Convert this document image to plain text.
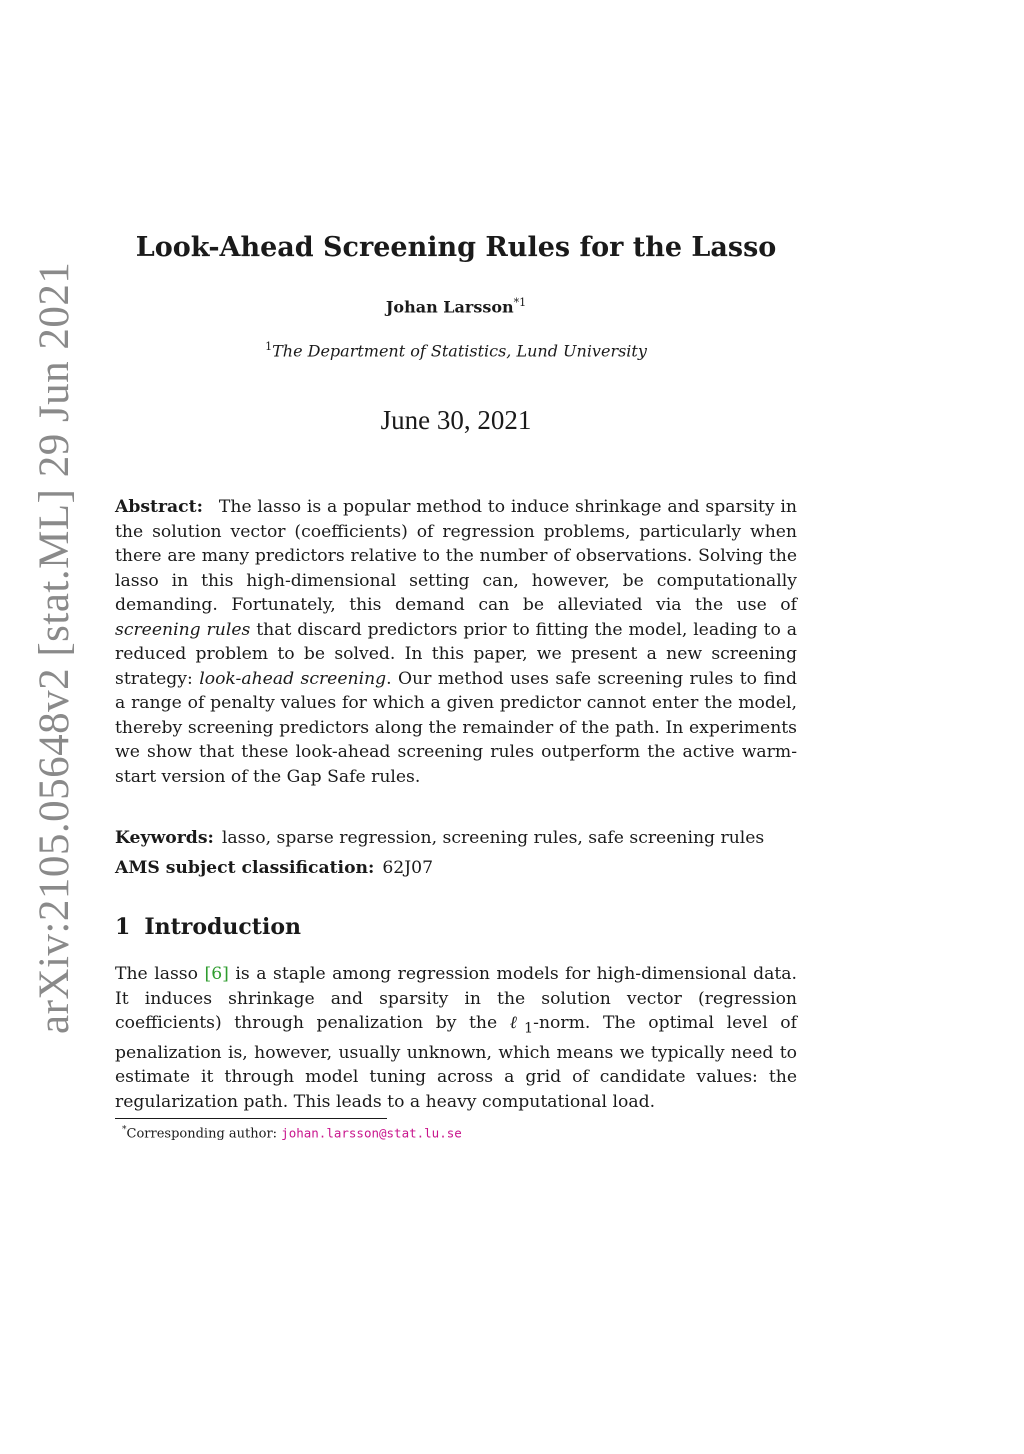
arXiv:2105.05648v2 [stat.ML] 29 Jun 2021
Look-Ahead Screening Rules for the Lasso
Johan Larsson$^{*1}$
$^1$The Department of Statistics, Lund University
June 30, 2021
Abstract: The lasso is a popular method to induce shrinkage and sparsity in the solution vector (coefficients) of regression problems, particularly when there are many predictors relative to the number of observations. Solving the lasso in this high-dimensional setting can, however, be computationally demanding. Fortunately, this demand can be alleviated via the use of screening rules that discard predictors prior to fitting the model, leading to a reduced problem to be solved. In this paper, we present a new screening strategy: look-ahead screening. Our method uses safe screening rules to find a range of penalty values for which a given predictor cannot enter the model, thereby screening predictors along the remainder of the path. In experiments we show that these look-ahead screening rules outperform the active warm-start version of the Gap Safe rules.
Keywords: lasso, sparse regression, screening rules, safe screening rules
AMS subject classification: 62J07
1 Introduction
The lasso [6] is a staple among regression models for high-dimensional data. It induces shrinkage and sparsity in the solution vector (regression coefficients) through penalization by the ℓ$_1$-norm. The optimal level of penalization is, however, usually unknown, which means we typically need to estimate it through model tuning across a grid of candidate values: the regularization path. This leads to a heavy computational load.
*Corresponding author: johan.larsson@stat.lu.se
